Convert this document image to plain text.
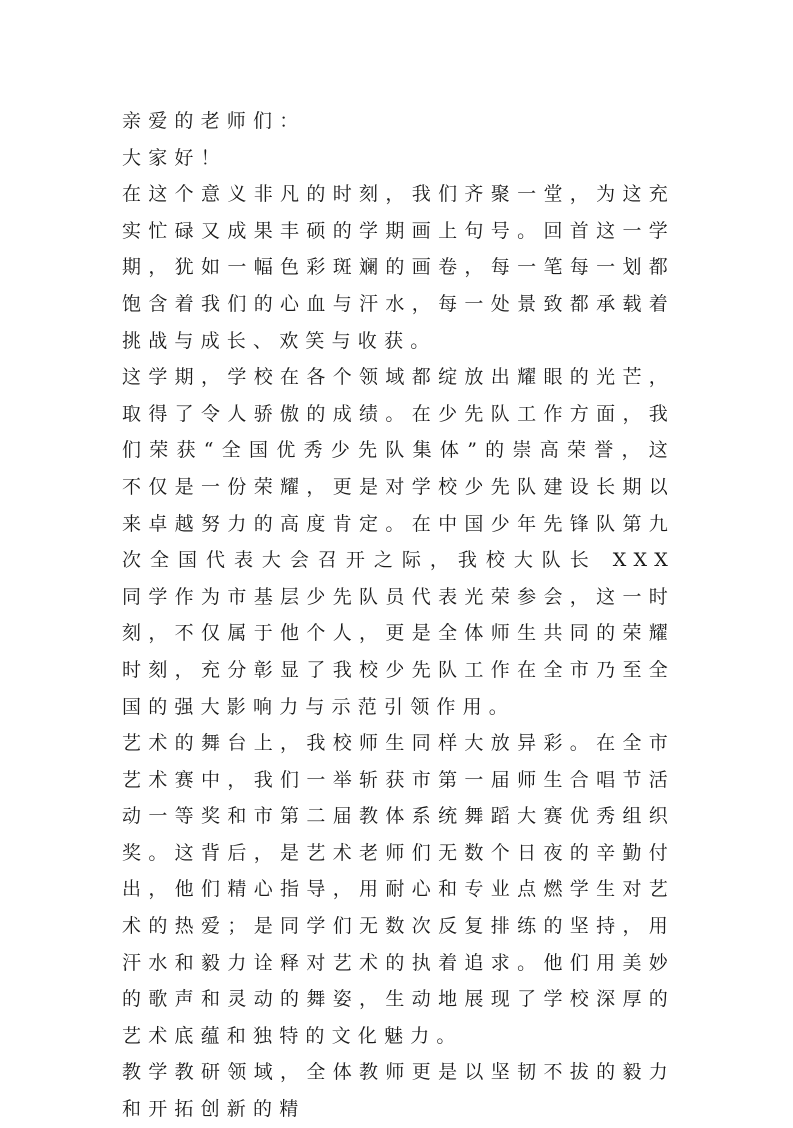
亲爱的老师们：

大家好！

在这个意义非凡的时刻，我们齐聚一堂，为这充实忙碌又成果丰硕的学期画上句号。回首这一学期，犹如一幅色彩斑斓的画卷，每一笔每一划都饱含着我们的心血与汗水，每一处景致都承载着挑战与成长、欢笑与收获。

这学期，学校在各个领域都绽放出耀眼的光芒，取得了令人骄傲的成绩。在少先队工作方面，我们荣获“全国优秀少先队集体”的崇高荣誉，这不仅是一份荣耀，更是对学校少先队建设长期以来卓越努力的高度肯定。在中国少年先锋队第九次全国代表大会召开之际，我校大队长 XXX 同学作为市基层少先队员代表光荣参会，这一时刻，不仅属于他个人，更是全体师生共同的荣耀时刻，充分彰显了我校少先队工作在全市乃至全国的强大影响力与示范引领作用。

艺术的舞台上，我校师生同样大放异彩。在全市艺术赛中，我们一举斩获市第一届师生合唱节活动一等奖和市第二届教体系统舞蹈大赛优秀组织奖。这背后，是艺术老师们无数个日夜的辛勤付出，他们精心指导，用耐心和专业点燃学生对艺术的热爱；是同学们无数次反复排练的坚持，用汗水和毅力诠释对艺术的执着追求。他们用美妙的歌声和灵动的舞姿，生动地展现了学校深厚的艺术底蕴和独特的文化魅力。

教学教研领域，全体教师更是以坚韧不拔的毅力和开拓创新的精
